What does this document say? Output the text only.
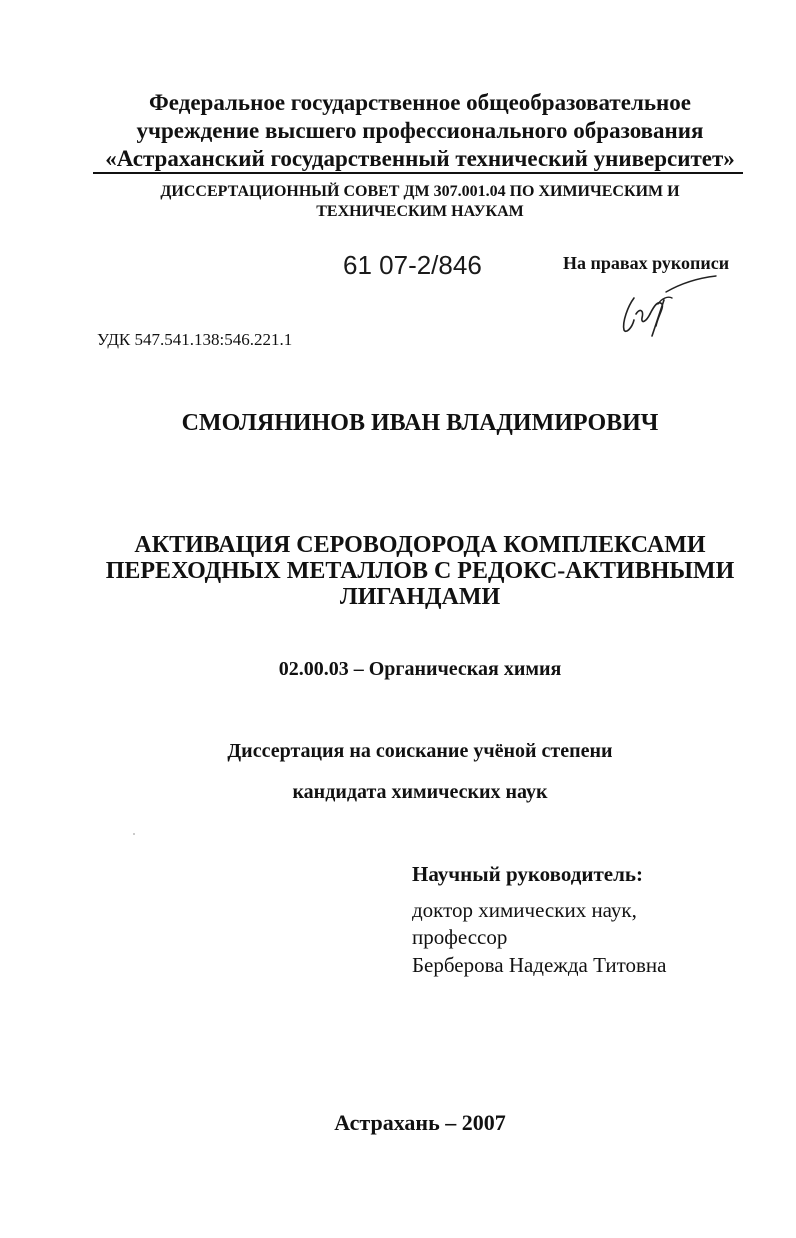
Федеральное государственное общеобразовательное
учреждение высшего профессионального образования
«Астраханский государственный технический университет»
ДИССЕРТАЦИОННЫЙ СОВЕТ ДМ 307.001.04 ПО ХИМИЧЕСКИМ И
ТЕХНИЧЕСКИМ НАУКАМ
61 07-2/846	На правах рукописи
УДК 547.541.138:546.221.1
СМОЛЯНИНОВ ИВАН ВЛАДИМИРОВИЧ
АКТИВАЦИЯ СЕРОВОДОРОДА КОМПЛЕКСАМИ
ПЕРЕХОДНЫХ МЕТАЛЛОВ С РЕДОКС-АКТИВНЫМИ
ЛИГАНДАМИ
02.00.03 – Органическая химия
Диссертация на соискание учёной степени
кандидата химических наук
Научный руководитель:
доктор химических наук,
профессор
Берберова Надежда Титовна
Астрахань – 2007
